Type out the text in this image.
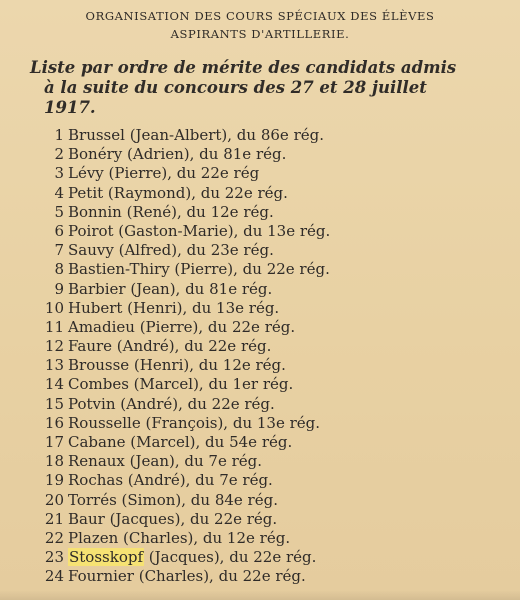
ORGANISATION DES COURS SPÉCIAUX DES ÉLÈVES
ASPIRANTS D'ARTILLERIE.
Liste par ordre de mérite des candidats admis
à la suite du concours des 27 et 28 juillet
1917.
1 Brussel (Jean-Albert), du 86e rég.
2 Bonéry (Adrien), du 81e rég.
3 Lévy (Pierre), du 22e rég
4 Petit (Raymond), du 22e rég.
5 Bonnin (René), du 12e rég.
6 Poirot (Gaston-Marie), du 13e rég.
7 Sauvy (Alfred), du 23e rég.
8 Bastien-Thiry (Pierre), du 22e rég.
9 Barbier (Jean), du 81e rég.
10 Hubert (Henri), du 13e rég.
11 Amadieu (Pierre), du 22e rég.
12 Faure (André), du 22e rég.
13 Brousse (Henri), du 12e rég.
14 Combes (Marcel), du 1er rég.
15 Potvin (André), du 22e rég.
16 Rousselle (François), du 13e rég.
17 Cabane (Marcel), du 54e rég.
18 Renaux (Jean), du 7e rég.
19 Rochas (André), du 7e rég.
20 Torrés (Simon), du 84e rég.
21 Baur (Jacques), du 22e rég.
22 Plazen (Charles), du 12e rég.
23 Stosskopf (Jacques), du 22e rég.
24 Fournier (Charles), du 22e rég.
